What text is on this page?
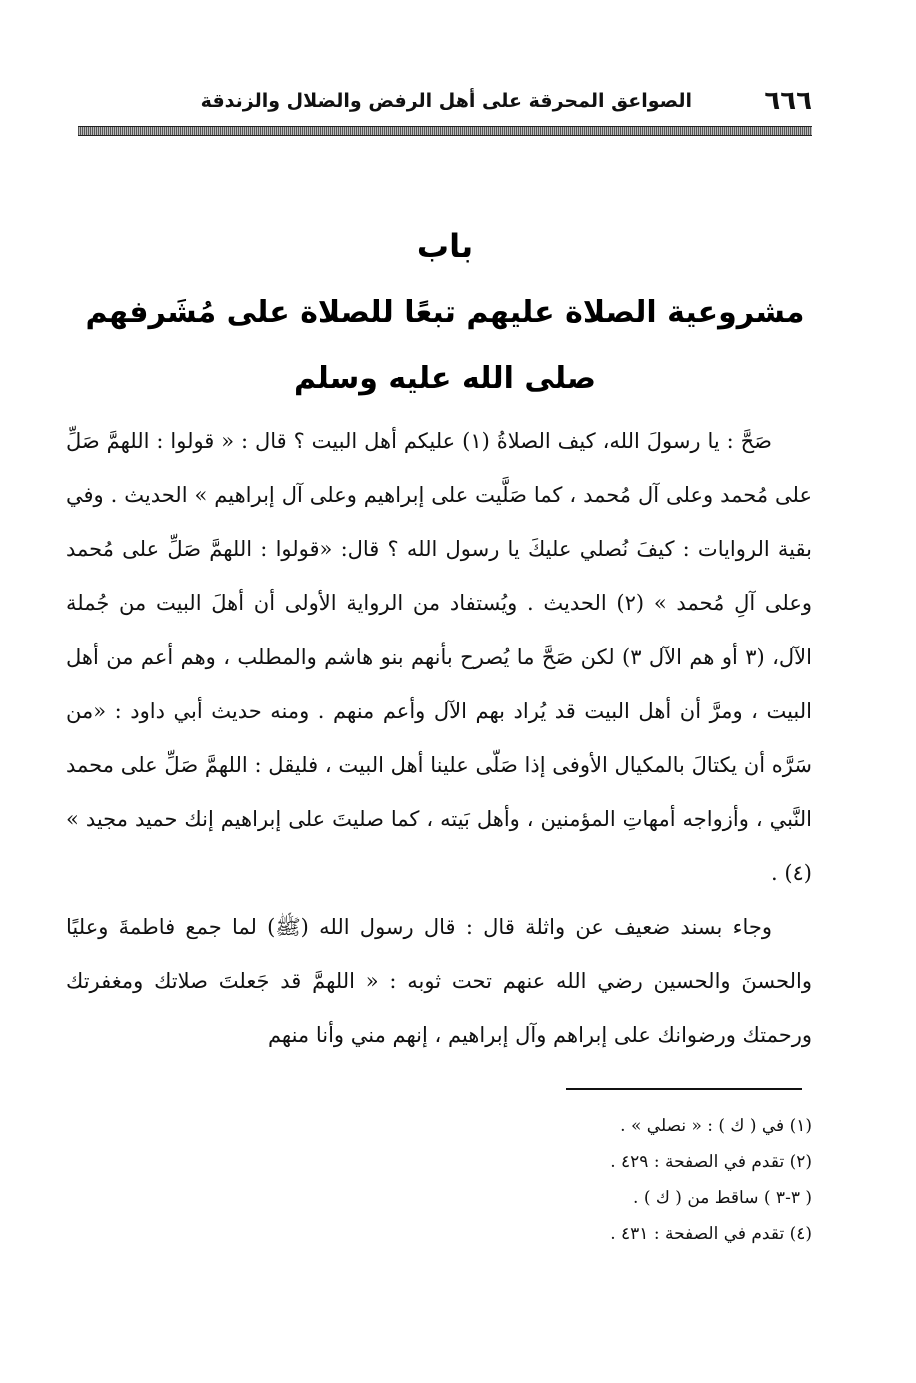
٦٦٦
الصواعق المحرقة على أهل الرفض والضلال والزندقة
باب
مشروعية الصلاة عليهم تبعًا للصلاة على مُشَرفهم
صلى الله عليه وسلم

صَحَّ : يا رسولَ الله، كيف الصلاةُ (١) عليكم أهل البيت ؟ قال : « قولوا : اللهمَّ صَلِّ على مُحمد وعلى آل مُحمد ، كما صَلَّيت على إبراهيم وعلى آل إبراهيم » الحديث . وفي بقية الروايات : كيفَ نُصلي عليكَ يا رسول الله ؟ قال: «قولوا : اللهمَّ صَلِّ على مُحمد وعلى آلِ مُحمد » (٢) الحديث . ويُستفاد من الرواية الأولى أن أهلَ البيت من جُملة الآل، (٣ أو هم الآل ٣) لكن صَحَّ ما يُصرح بأنهم بنو هاشم والمطلب ، وهم أعم من أهل البيت ، ومرَّ أن أهل البيت قد يُراد بهم الآل وأعم منهم . ومنه حديث أبي داود : «من سَرَّه أن يكتالَ بالمكيال الأوفى إذا صَلّى علينا أهل البيت ، فليقل : اللهمَّ صَلِّ على محمد النَّبي ، وأزواجه أمهاتِ المؤمنين ، وأهل بَيته ، كما صليتَ على إبراهيم إنك حميد مجيد » (٤) .

وجاء بسند ضعيف عن واثلة قال : قال رسول الله (ﷺ) لما جمع فاطمةَ وعليًا والحسنَ والحسين رضي الله عنهم تحت ثوبه : « اللهمَّ قد جَعلتَ صلاتك ومغفرتك ورحمتك ورضوانك على إبراهم وآل إبراهيم ، إنهم مني وأنا منهم

(١) في ( ك ) : « نصلي » .
(٢) تقدم في الصفحة : ٤٢٩ .
( ٣-٣ ) ساقط من ( ك ) .
(٤) تقدم في الصفحة : ٤٣١ .
